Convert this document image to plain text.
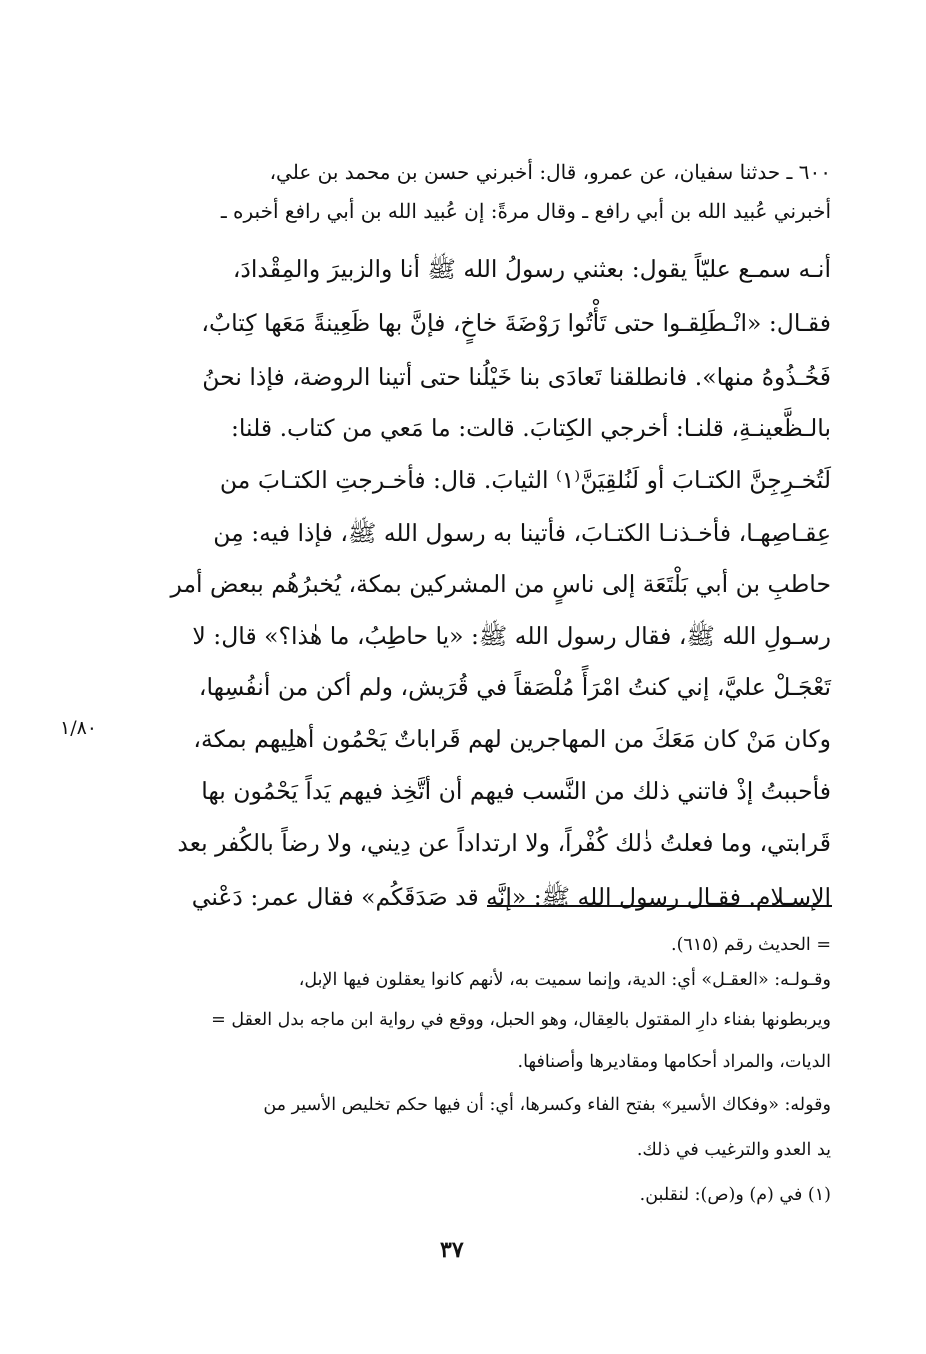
٦٠٠ ـ حدثنا سفيان، عن عمرو، قال: أخبرني حسن بن محمد بن علي،

أخبرني عُبيد الله بن أبي رافع ـ وقال مرةً: إن عُبيد الله بن أبي رافع أخبره ـ

أنـه سمـع عليّاً يقول: بعثني رسولُ الله ﷺ أنا والزبيرَ والمِقْدادَ،

فقـال: «انْـطَلِقـوا حتى تَأْتُوا رَوْضَةَ خاخٍ، فإنَّ بها ظَعِينةً مَعَها كِتابٌ،

فَخُـذُوهُ منها». فانطلقنا تَعادَى بنا خَيْلُنا حتى أتينا الروضة، فإذا نحنُ

بالـظَّعينـةِ، قلنـا: أخرجي الكِتابَ. قالت: ما مَعي من كتاب. قلنا:

لَتُخـرِجِنَّ الكتـابَ أو لَنُلقِيَنَّ⁽١⁾ الثيابَ. قال: فأخـرجتِ الكتـابَ من

عِقـاصِهـا، فأخـذنـا الكتـابَ، فأتينا به رسول الله ﷺ، فإذا فيه: مِن

حاطبِ بن أبي بَلْتَعَة إلى ناسٍ من المشركين بمكة، يُخبرُهُم ببعض أمر

رسـولِ الله ﷺ، فقال رسول الله ﷺ: «يا حاطِبُ، ما هٰذا؟» قال: لا

تَعْجَـلْ عليَّ، إني كنتُ امْرَأً مُلْصَقاً في قُرَيش، ولم أكن من أنفُسِها،

وكان مَنْ كان مَعَكَ من المهاجرين لهم قَراباتٌ يَحْمُون أهلِيهم بمكة،

فأحببتُ إذْ فاتني ذلك من النَّسب فيهم أن أتَّخِذ فيهم يَداً يَحْمُون بها

قَرابتي، وما فعلتُ ذٰلك كُفْراً، ولا ارتداداً عن دِيني، ولا رضاً بالكُفر بعد

الإسـلام. فقـال رسول الله ﷺ: «إنَّه قد صَدَقَكُم» فقال عمر: دَعْني

١/٨٠

= الحديث رقم (٦١٥).

وقـولـه: «العقـل» أي: الدية، وإنما سميت به، لأنهم كانوا يعقلون فيها الإبل،

ويربطونها بفناء دارِ المقتول بالعِقال، وهو الحبل، ووقع في رواية ابن ماجه بدل العقل =

الديات، والمراد أحكامها ومقاديرها وأصنافها.

وقوله: «وفكاك الأسير» بفتح الفاء وكسرها، أي: أن فيها حكم تخليص الأسير من

يد العدو والترغيب في ذلك.

(١) في (م) و(ص): لنقلبن.

٣٧
